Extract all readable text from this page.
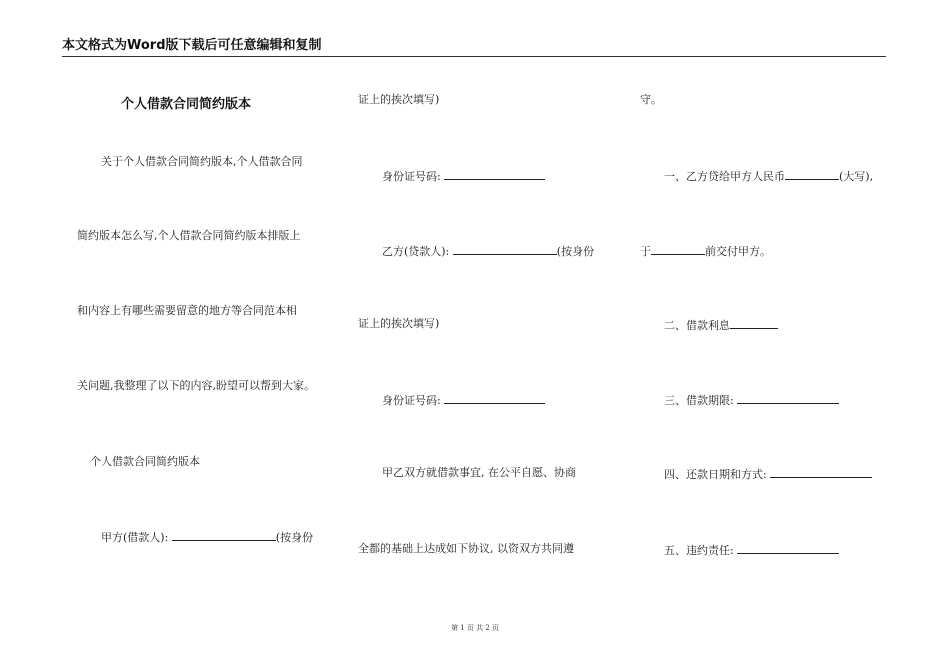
本文格式为Word版下载后可任意编辑和复制
个人借款合同简约版本
关于个人借款合同简约版本,个人借款合同
简约版本怎么写,个人借款合同简约版本排版上
和内容上有哪些需要留意的地方等合同范本相
关问题,我整理了以下的内容,盼望可以帮到大家。
个人借款合同简约版本
甲方(借款人):	(按身份
证上的挨次填写)
身份证号码:
乙方(贷款人):	(按身份
证上的挨次填写)
身份证号码:
甲乙双方就借款事宜, 在公平自愿、协商
全都的基础上达成如下协议, 以资双方共同遵
守。
一、乙方贷给甲方人民币	(大写),
于	前交付甲方。
二、借款利息
三、借款期限:
四、还款日期和方式:
五、违约责任:
第 1 页 共 2 页
